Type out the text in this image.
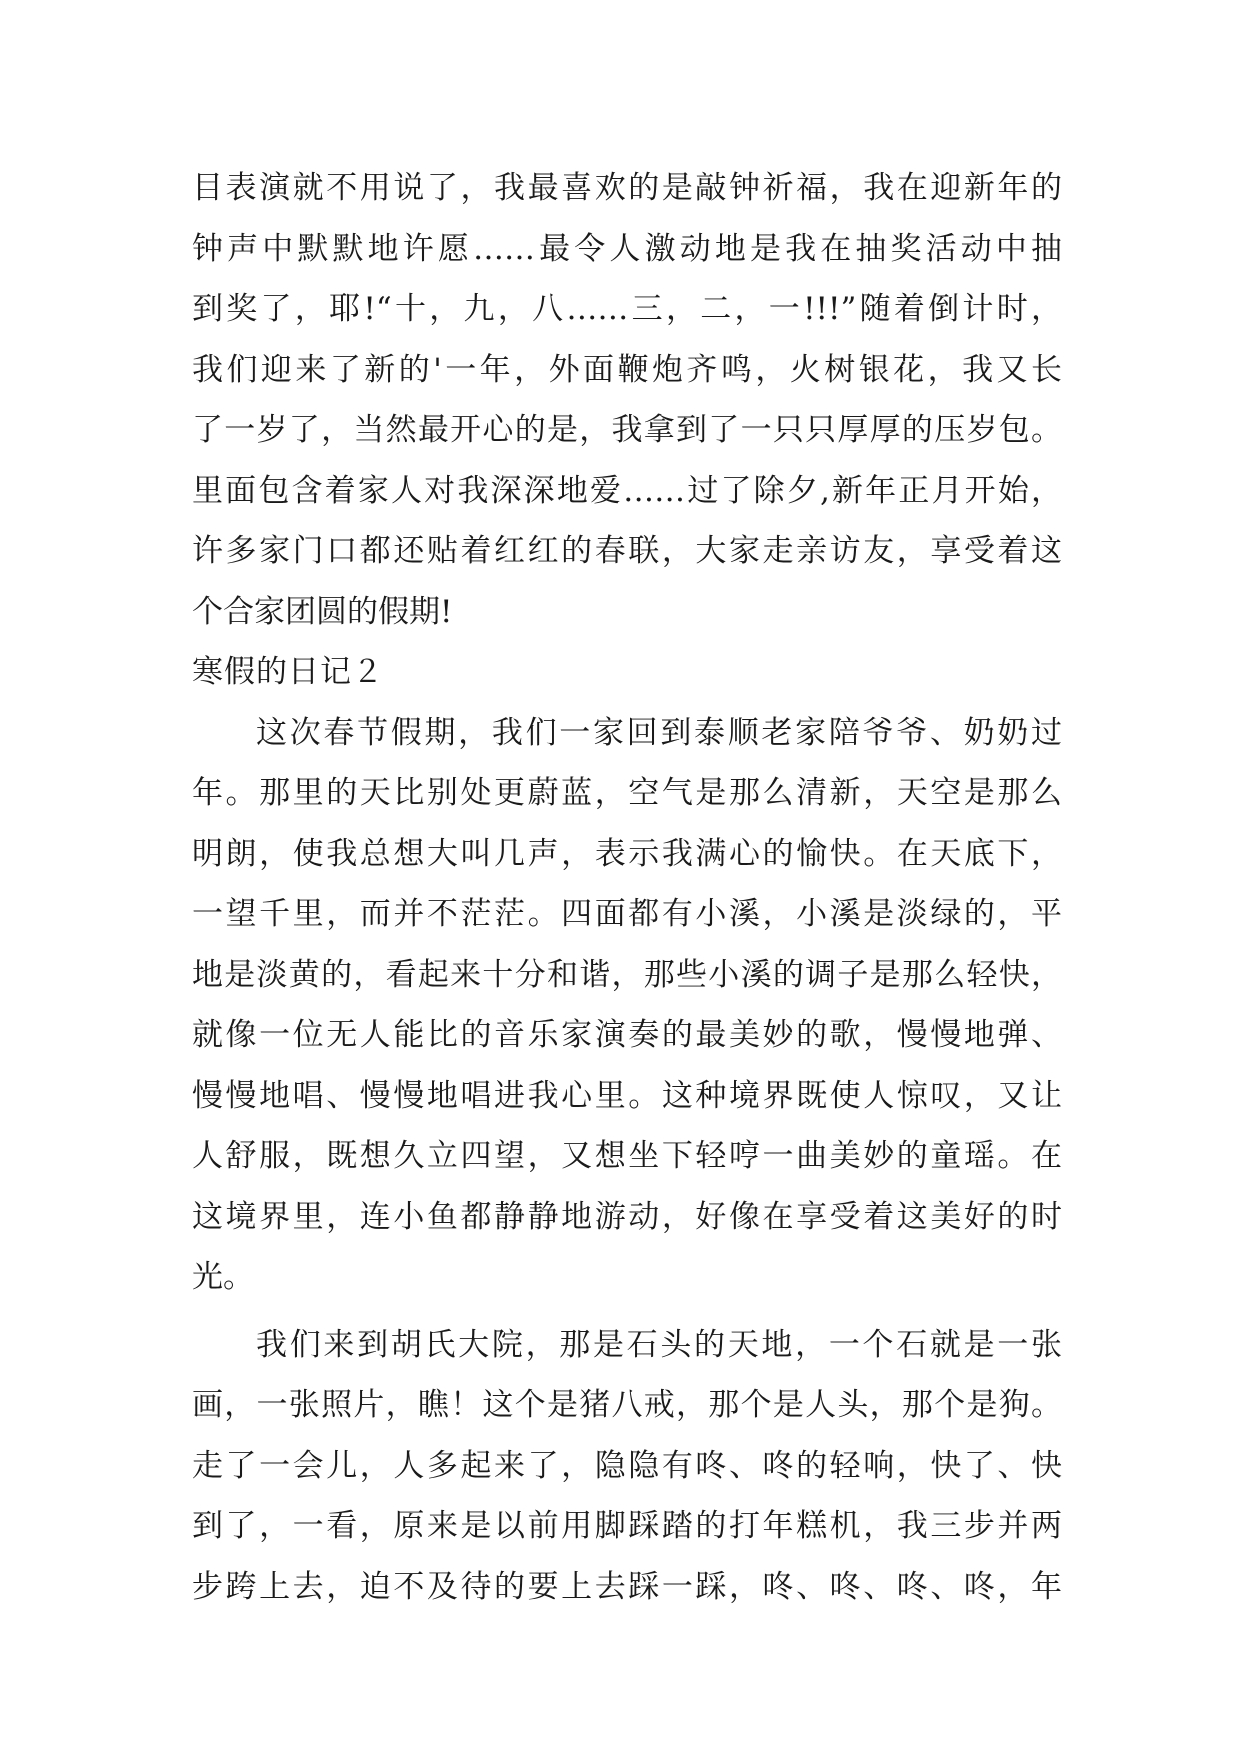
目表演就不用说了，我最喜欢的是敲钟祈福，我在迎新年的
钟声中默默地许愿……最令人激动地是我在抽奖活动中抽
到奖了，耶!“十，九，八……三，二，一!!!”随着倒计时，
我们迎来了新的'一年，外面鞭炮齐鸣，火树银花，我又长
了一岁了，当然最开心的是，我拿到了一只只厚厚的压岁包。
里面包含着家人对我深深地爱……过了除夕,新年正月开始，
许多家门口都还贴着红红的春联，大家走亲访友，享受着这
个合家团圆的假期!
寒假的日记２
这次春节假期，我们一家回到泰顺老家陪爷爷、奶奶过
年。那里的天比别处更蔚蓝，空气是那么清新，天空是那么
明朗，使我总想大叫几声，表示我满心的愉快。在天底下，
一望千里，而并不茫茫。四面都有小溪，小溪是淡绿的，平
地是淡黄的，看起来十分和谐，那些小溪的调子是那么轻快，
就像一位无人能比的音乐家演奏的最美妙的歌，慢慢地弹、
慢慢地唱、慢慢地唱进我心里。这种境界既使人惊叹，又让
人舒服，既想久立四望，又想坐下轻哼一曲美妙的童瑶。在
这境界里，连小鱼都静静地游动，好像在享受着这美好的时
光。
我们来到胡氏大院，那是石头的天地，一个石就是一张
画，一张照片，瞧！这个是猪八戒，那个是人头，那个是狗。
走了一会儿，人多起来了，隐隐有咚、咚的轻响，快了、快
到了，一看，原来是以前用脚踩踏的打年糕机，我三步并两
步跨上去，迫不及待的要上去踩一踩，咚、咚、咚、咚，年
